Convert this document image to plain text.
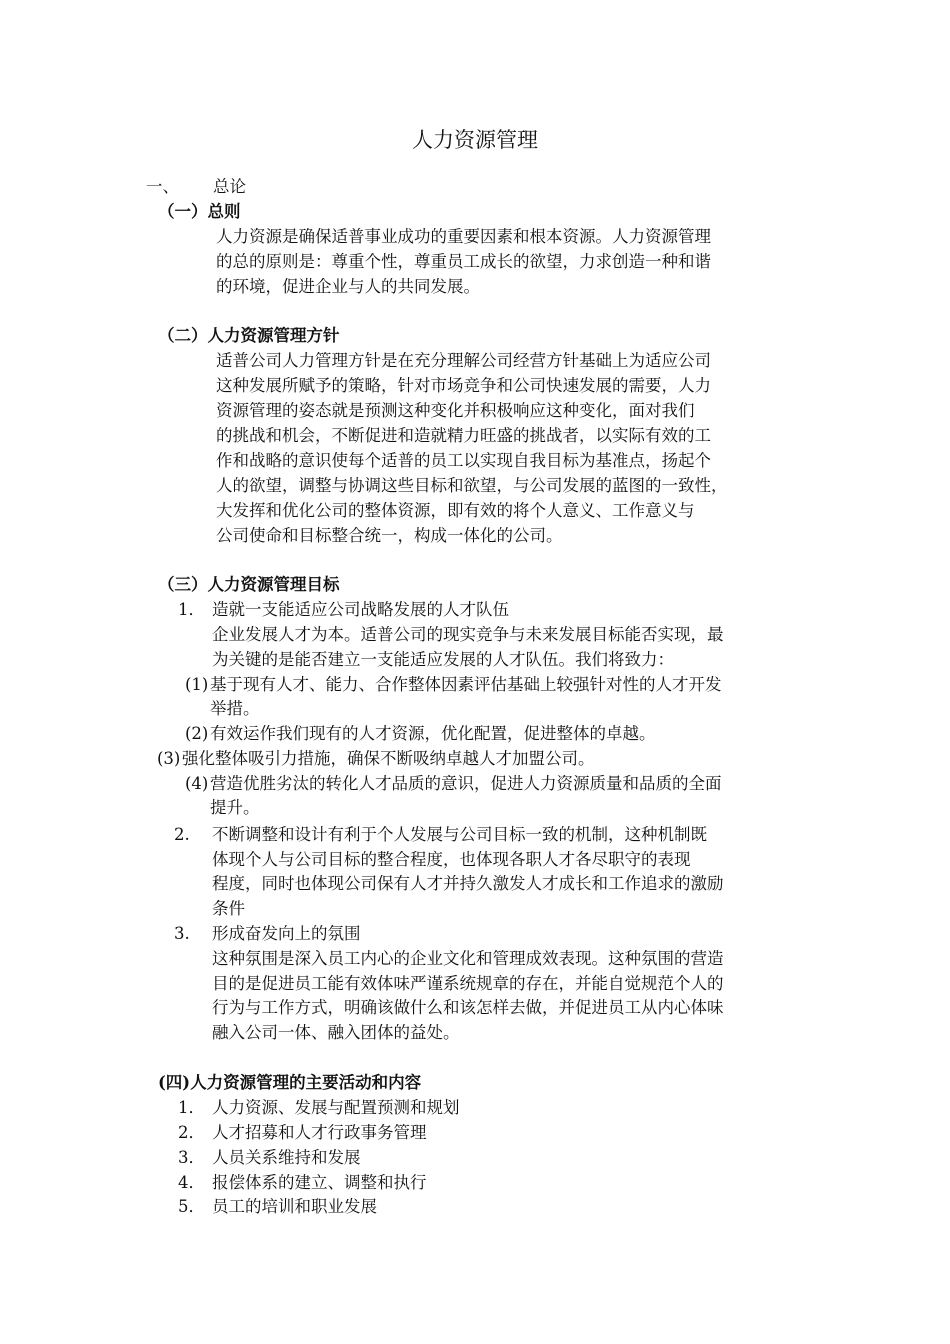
人力资源管理
一、 总论
（一）总则
人力资源是确保适普事业成功的重要因素和根本资源。人力资源管理
的总的原则是：尊重个性，尊重员工成长的欲望，力求创造一种和谐
的环境，促进企业与人的共同发展。
（二）人力资源管理方针
适普公司人力管理方针是在充分理解公司经营方针基础上为适应公司
这种发展所赋予的策略，针对市场竞争和公司快速发展的需要，人力
资源管理的姿态就是预测这种变化并积极响应这种变化，面对我们
的挑战和机会，不断促进和造就精力旺盛的挑战者，以实际有效的工
作和战略的意识使每个适普的员工以实现自我目标为基准点，扬起个
人的欲望，调整与协调这些目标和欲望，与公司发展的蓝图的一致性，
大发挥和优化公司的整体资源，即有效的将个人意义、工作意义与
公司使命和目标整合统一，构成一体化的公司。
（三）人力资源管理目标
1． 造就一支能适应公司战略发展的人才队伍
企业发展人才为本。适普公司的现实竞争与未来发展目标能否实现，最
为关键的是能否建立一支能适应发展的人才队伍。我们将致力：
(1) 基于现有人才、能力、合作整体因素评估基础上较强针对性的人才开发
举措。
(2) 有效运作我们现有的人才资源，优化配置，促进整体的卓越。
(3) 强化整体吸引力措施，确保不断吸纳卓越人才加盟公司。
(4) 营造优胜劣汰的转化人才品质的意识，促进人力资源质量和品质的全面
提升。
2. 不断调整和设计有利于个人发展与公司目标一致的机制，这种机制既
体现个人与公司目标的整合程度，也体现各职人才各尽职守的表现
程度，同时也体现公司保有人才并持久激发人才成长和工作追求的激励
条件
3. 形成奋发向上的氛围
这种氛围是深入员工内心的企业文化和管理成效表现。这种氛围的营造
目的是促进员工能有效体味严谨系统规章的存在，并能自觉规范个人的
行为与工作方式，明确该做什么和该怎样去做，并促进员工从内心体味
融入公司一体、融入团体的益处。
(四)人力资源管理的主要活动和内容
1． 人力资源、发展与配置预测和规划
2． 人才招募和人才行政事务管理
3． 人员关系维持和发展
4． 报偿体系的建立、调整和执行
5． 员工的培训和职业发展
